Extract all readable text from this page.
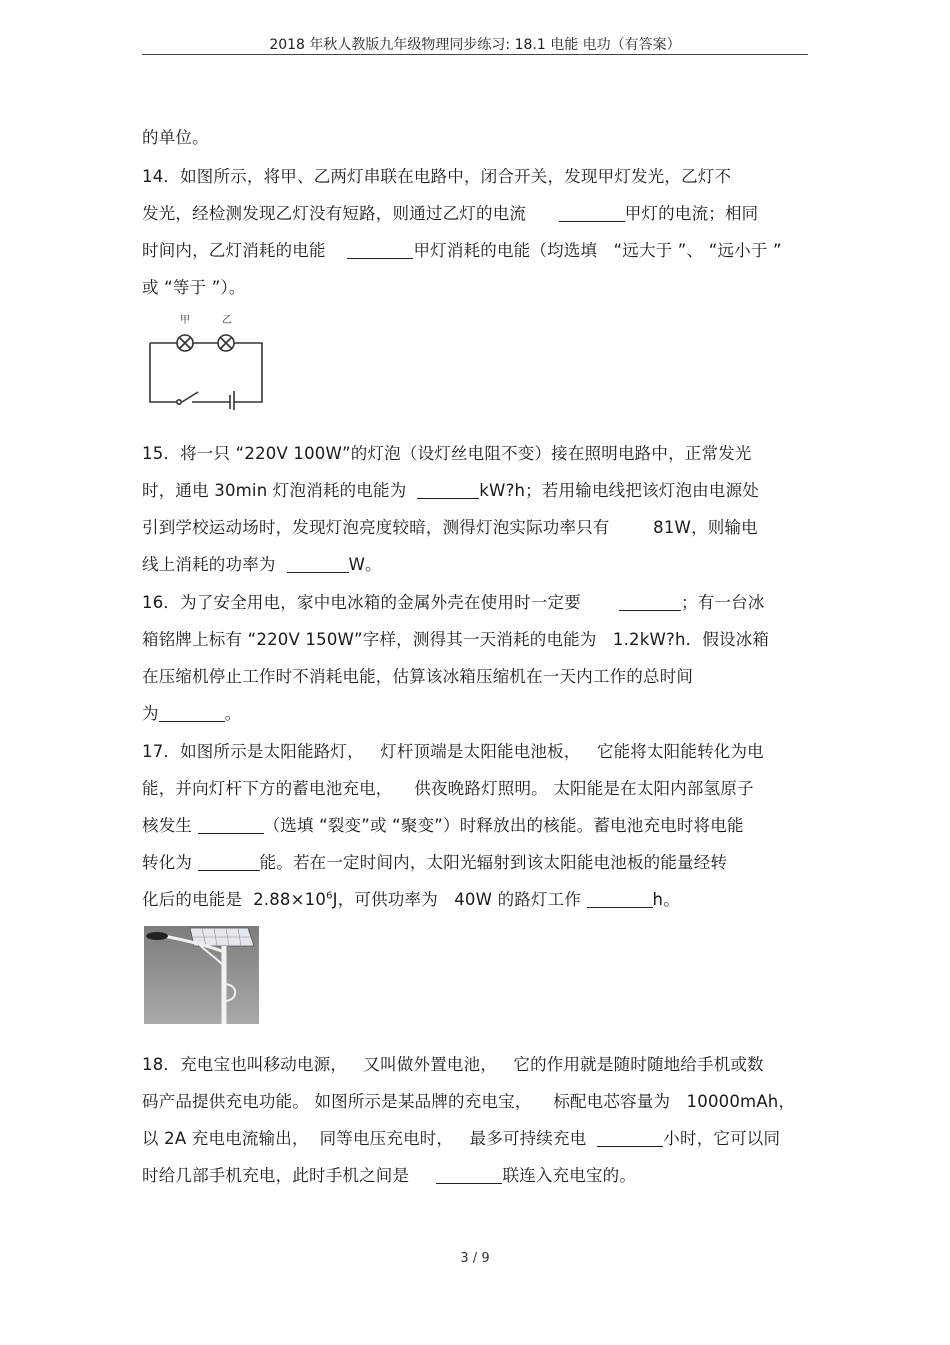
2018 年秋人教版九年级物理同步练习: 18.1 电能 电功（有答案）
的单位。
14．如图所示，将甲、乙两灯串联在电路中，闭合开关，发现甲灯发光，乙灯不
发光，经检测发现乙灯没有短路，则通过乙灯的电流	甲灯的电流；相同
时间内，乙灯消耗的电能	甲灯消耗的电能（均选填   “远大于 ”、 “远小于 ”
或 “等于 ”）。
甲	乙
15．将一只 “220V 100W”的灯泡（设灯丝电阻不变）接在照明电路中，正常发光
时，通电 30min 灯泡消耗的电能为	kW?h；若用输电线把该灯泡由电源处
引到学校运动场时，发现灯泡亮度较暗，测得灯泡实际功率只有        81W，则输电
线上消耗的功率为	W。
16．为了安全用电，家中电冰箱的金属外壳在使用时一定要	；有一台冰
箱铭牌上标有 “220V 150W”字样，测得其一天消耗的电能为   1.2kW?h．假设冰箱
在压缩机停止工作时不消耗电能，估算该冰箱压缩机在一天内工作的总时间
为	。
17．如图所示是太阳能路灯，   灯杆顶端是太阳能电池板，   它能将太阳能转化为电
能，并向灯杆下方的蓄电池充电，    供夜晚路灯照明。 太阳能是在太阳内部氢原子
核发生	（选填 “裂变”或 “聚变”）时释放出的核能。蓄电池充电时将电能
转化为	能。若在一定时间内，太阳光辐射到该太阳能电池板的能量经转
化后的电能是  $2.88\times 10^6J$，可供功率为   40W 的路灯工作	h。
18．充电宝也叫移动电源，   又叫做外置电池，   它的作用就是随时随地给手机或数
码产品提供充电功能。 如图所示是某品牌的充电宝，    标配电芯容量为   10000mAh，
以 2A 充电电流输出，  同等电压充电时，   最多可持续充电	小时，它可以同
时给几部手机充电，此时手机之间是	联连入充电宝的。
3 / 9
